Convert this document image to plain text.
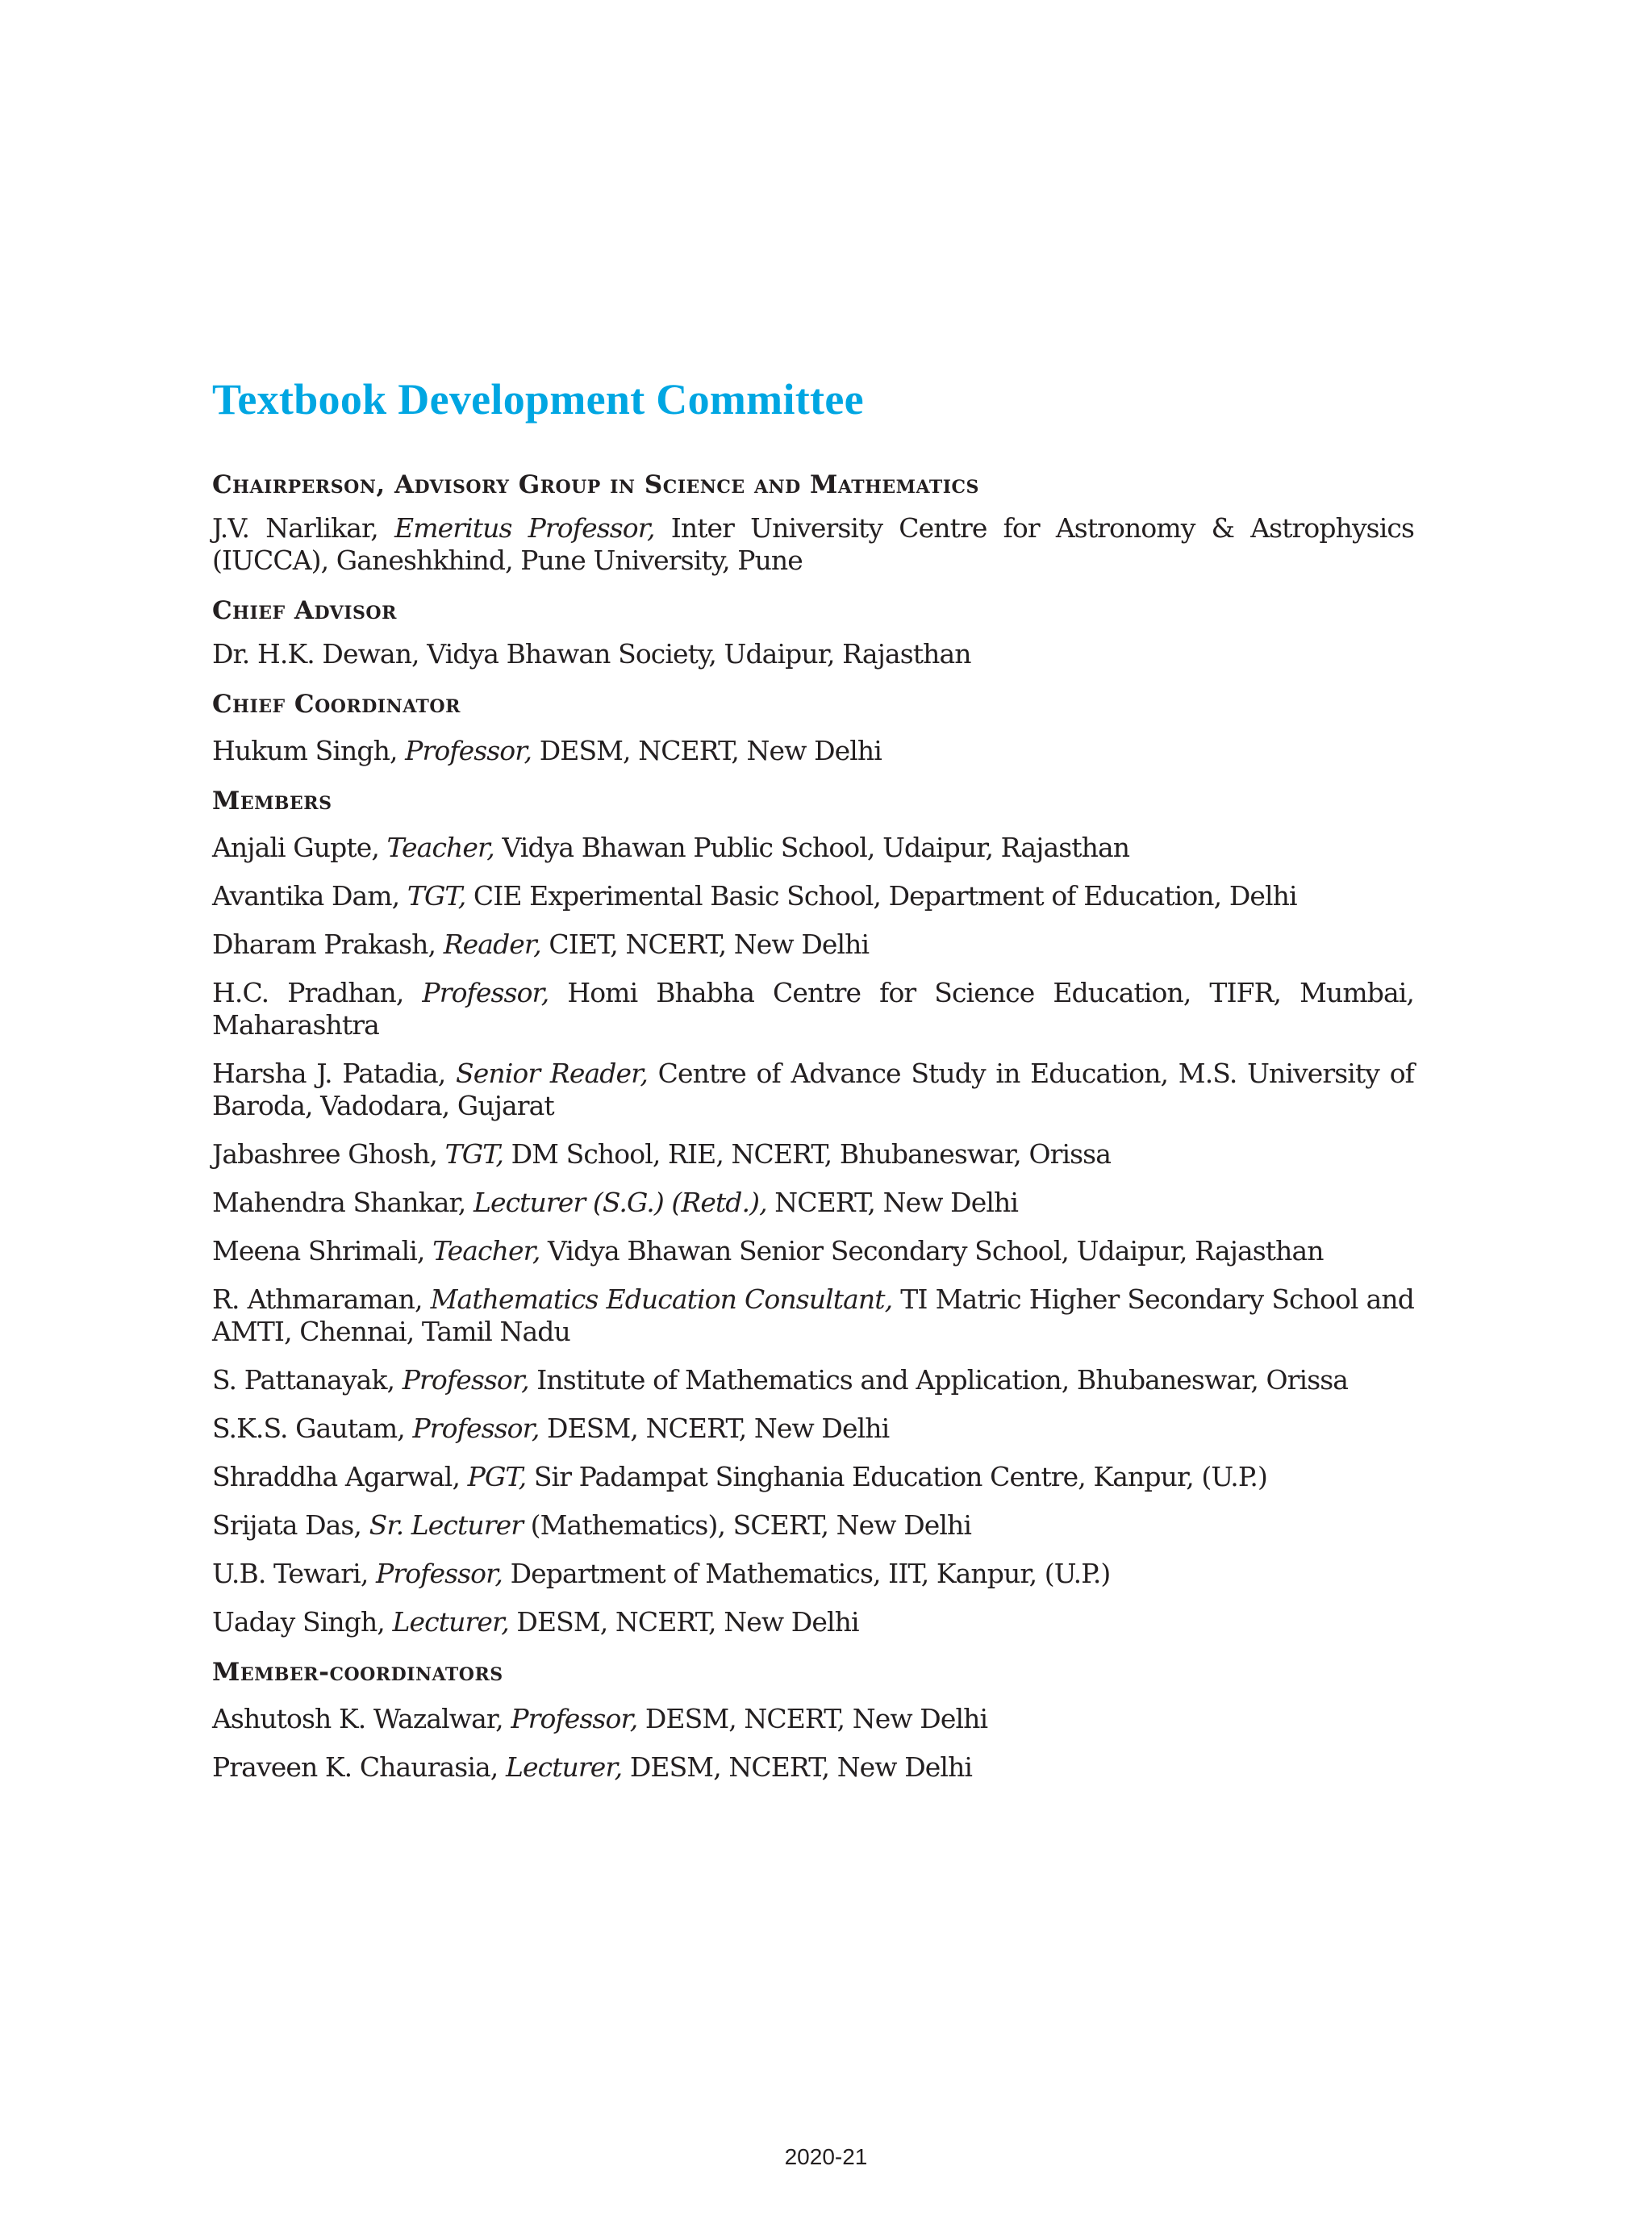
Textbook Development Committee
Chairperson, Advisory Group in Science and Mathematics

J.V. Narlikar, Emeritus Professor, Inter University Centre for Astronomy & Astrophysics (IUCCA), Ganeshkhind, Pune University, Pune

Chief Advisor

Dr. H.K. Dewan, Vidya Bhawan Society, Udaipur, Rajasthan

Chief Coordinator

Hukum Singh, Professor, DESM, NCERT, New Delhi

Members

Anjali Gupte, Teacher, Vidya Bhawan Public School, Udaipur, Rajasthan

Avantika Dam, TGT, CIE Experimental Basic School, Department of Education, Delhi

Dharam Prakash, Reader, CIET, NCERT, New Delhi

H.C. Pradhan, Professor, Homi Bhabha Centre for Science Education, TIFR, Mumbai, Maharashtra

Harsha J. Patadia, Senior Reader, Centre of Advance Study in Education, M.S. University of Baroda, Vadodara, Gujarat

Jabashree Ghosh, TGT, DM School, RIE, NCERT, Bhubaneswar, Orissa

Mahendra Shankar, Lecturer (S.G.) (Retd.), NCERT, New Delhi

Meena Shrimali, Teacher, Vidya Bhawan Senior Secondary School, Udaipur, Rajasthan

R. Athmaraman, Mathematics Education Consultant, TI Matric Higher Secondary School and AMTI, Chennai, Tamil Nadu

S. Pattanayak, Professor, Institute of Mathematics and Application, Bhubaneswar, Orissa

S.K.S. Gautam, Professor, DESM, NCERT, New Delhi

Shraddha Agarwal, PGT, Sir Padampat Singhania Education Centre, Kanpur, (U.P.)

Srijata Das, Sr. Lecturer (Mathematics), SCERT, New Delhi

U.B. Tewari, Professor, Department of Mathematics, IIT, Kanpur, (U.P.)

Uaday Singh, Lecturer, DESM, NCERT, New Delhi

Member-coordinators

Ashutosh K. Wazalwar, Professor, DESM, NCERT, New Delhi

Praveen K. Chaurasia, Lecturer, DESM, NCERT, New Delhi

2020-21
